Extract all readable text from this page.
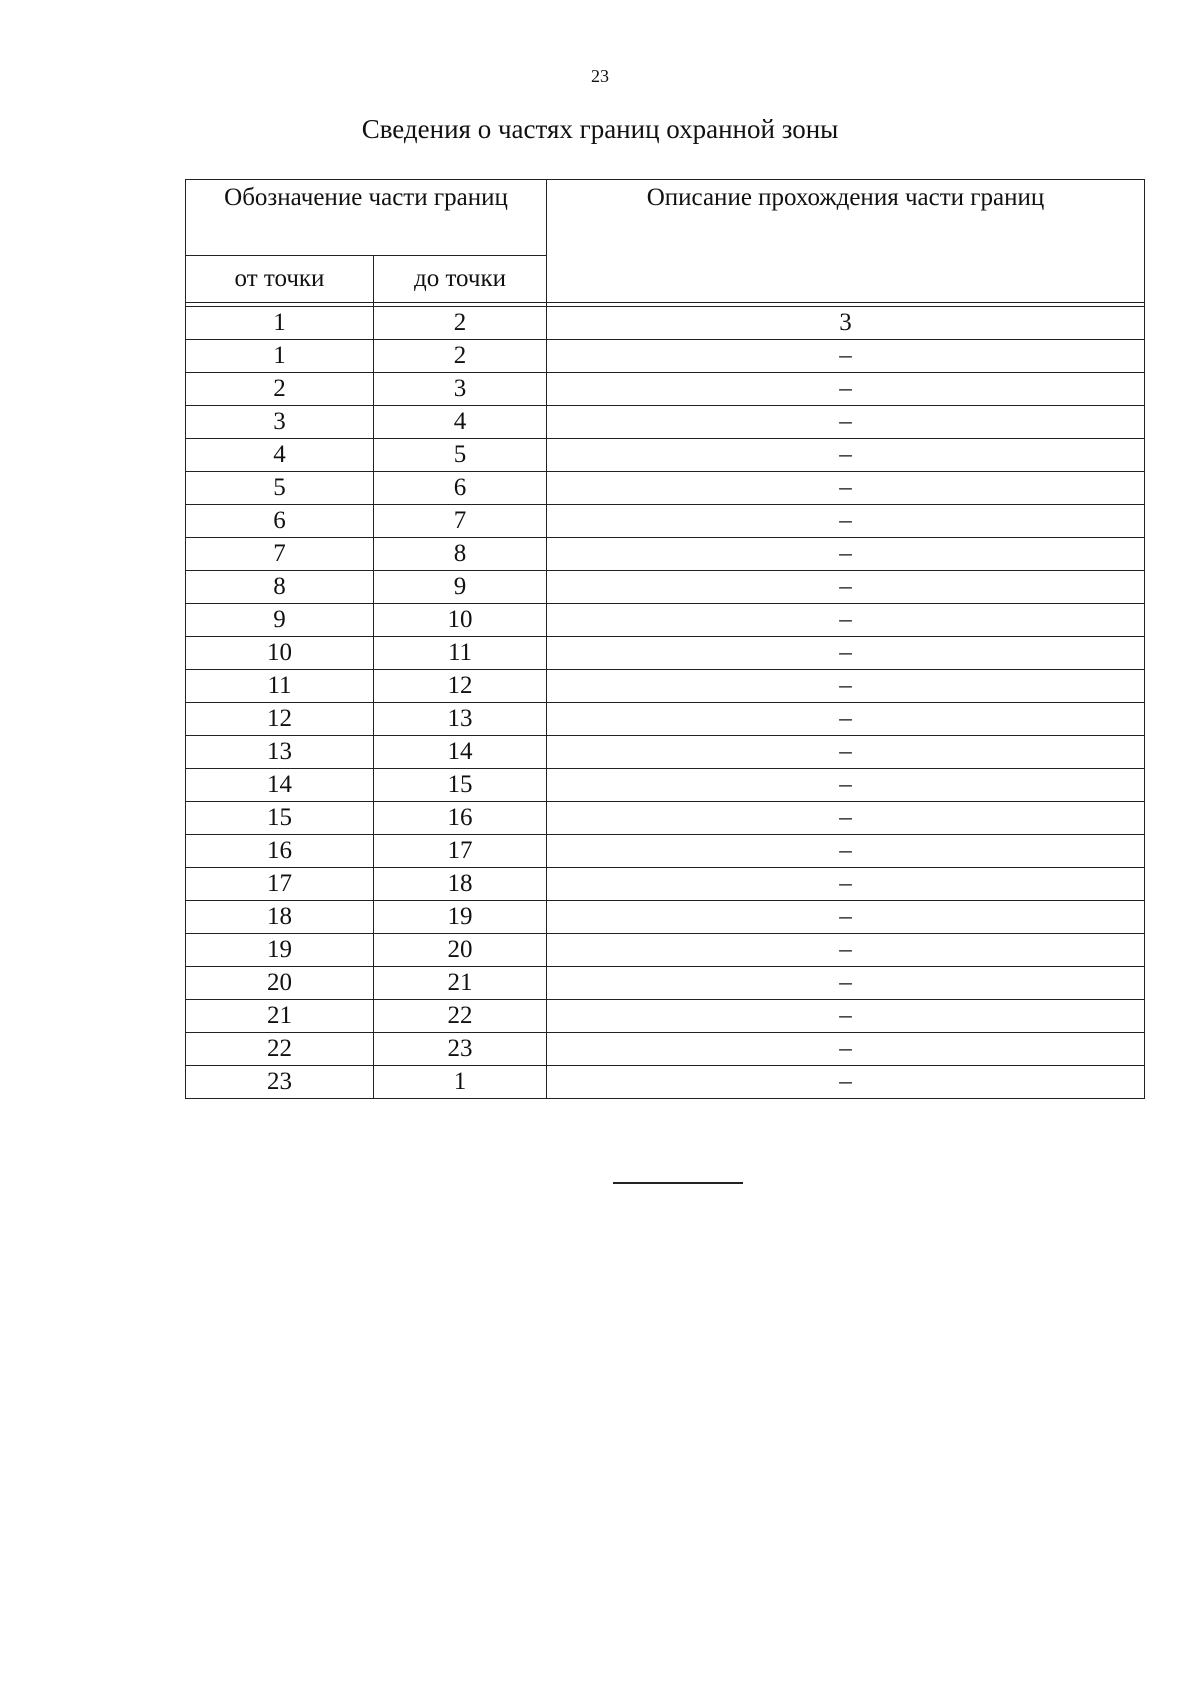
23
Сведения о частях границ охранной зоны
Обозначение части границ		Описание прохождения части границ
от точки	до точки	

1	2	3
1	2	–
2	3	–
3	4	–
4	5	–
5	6	–
6	7	–
7	8	–
8	9	–
9	10	–
10	11	–
11	12	–
12	13	–
13	14	–
14	15	–
15	16	–
16	17	–
17	18	–
18	19	–
19	20	–
20	21	–
21	22	–
22	23	–
23	1	–
